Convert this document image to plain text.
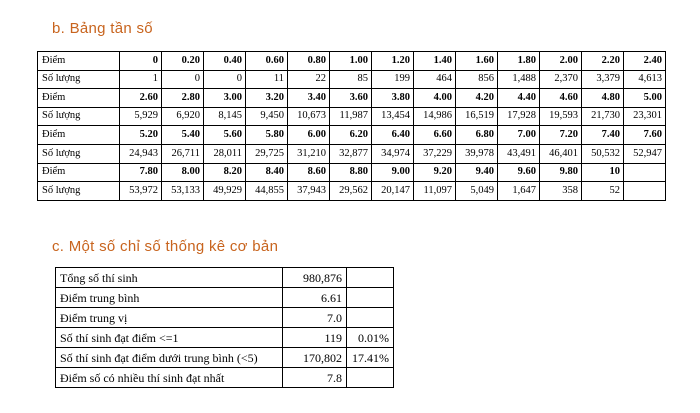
b. Bảng tần số
Điểm	0	0.20	0.40	0.60	0.80	1.00	1.20	1.40	1.60	1.80	2.00	2.20	2.40
Số lượng	1	0	0	11	22	85	199	464	856	1,488	2,370	3,379	4,613
Điểm	2.60	2.80	3.00	3.20	3.40	3.60	3.80	4.00	4.20	4.40	4.60	4.80	5.00
Số lượng	5,929	6,920	8,145	9,450	10,673	11,987	13,454	14,986	16,519	17,928	19,593	21,730	23,301
Điểm	5.20	5.40	5.60	5.80	6.00	6.20	6.40	6.60	6.80	7.00	7.20	7.40	7.60
Số lượng	24,943	26,711	28,011	29,725	31,210	32,877	34,974	37,229	39,978	43,491	46,401	50,532	52,947
Điểm	7.80	8.00	8.20	8.40	8.60	8.80	9.00	9.20	9.40	9.60	9.80	10	
Số lượng	53,972	53,133	49,929	44,855	37,943	29,562	20,147	11,097	5,049	1,647	358	52	
c. Một số chỉ số thống kê cơ bản
Tổng số thí sinh	980,876	
Điểm trung bình	6.61	
Điểm trung vị	7.0	
Số thí sinh đạt điểm <=1	119	0.01%
Số thí sinh đạt điểm dưới trung bình (<5)	170,802	17.41%
Điểm số có nhiều thí sinh đạt nhất	7.8	
